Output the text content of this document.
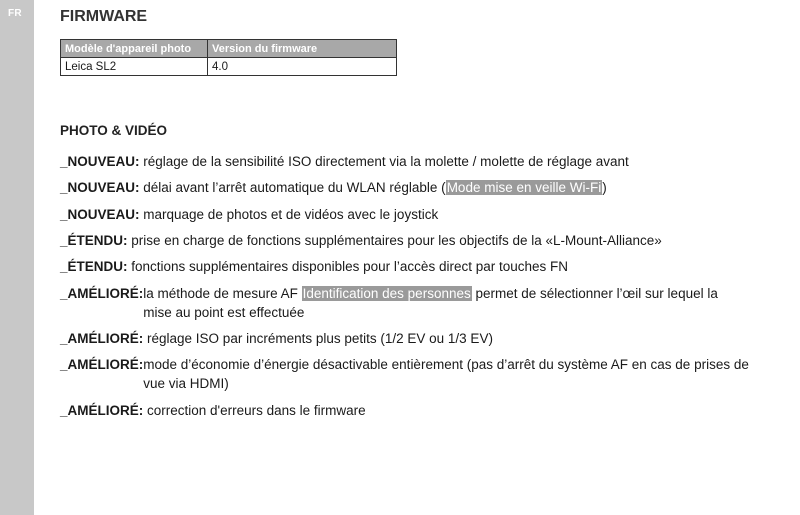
FR FIRMWARE
Modèle d'appareil photo	Version du firmware
Leica SL2	4.0
PHOTO & VIDÉO
_NOUVEAU: réglage de la sensibilité ISO directement via la molette / molette de réglage avant
_NOUVEAU: délai avant l’arrêt automatique du WLAN réglable (Mode mise en veille Wi-Fi)
_NOUVEAU: marquage de photos et de vidéos avec le joystick
_ÉTENDU: prise en charge de fonctions supplémentaires pour les objectifs de la «L-Mount-Alliance»
_ÉTENDU: fonctions supplémentaires disponibles pour l’accès direct par touches FN
_AMÉLIORÉ: la méthode de mesure AF Identification des personnes permet de sélectionner l’œil sur lequel la mise au point est effectuée
_AMÉLIORÉ: réglage ISO par incréments plus petits (1/2 EV ou 1/3 EV)
_AMÉLIORÉ: mode d’économie d’énergie désactivable entièrement (pas d’arrêt du système AF en cas de prises de vue via HDMI)
_AMÉLIORÉ: correction d'erreurs dans le firmware
